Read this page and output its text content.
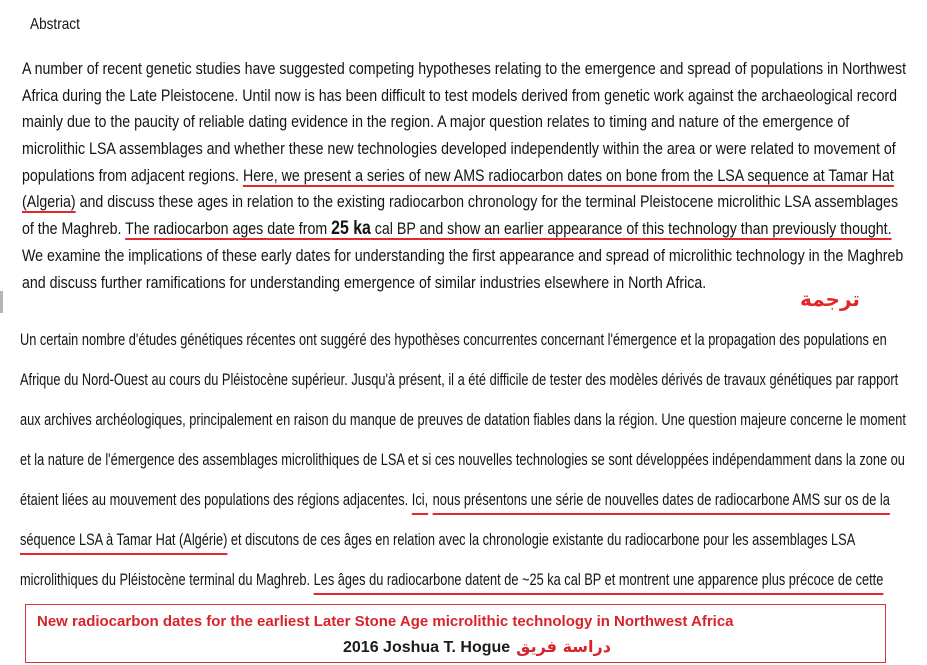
Abstract
A number of recent genetic studies have suggested competing hypotheses relating to the emergence and spread of populations in Northwest
Africa during the Late Pleistocene. Until now is has been difficult to test models derived from genetic work against the archaeological record
mainly due to the paucity of reliable dating evidence in the region. A major question relates to timing and nature of the emergence of
microlithic LSA assemblages and whether these new technologies developed independently within the area or were related to movement of
populations from adjacent regions. Here, we present a series of new AMS radiocarbon dates on bone from the LSA sequence at Tamar Hat
(Algeria) and discuss these ages in relation to the existing radiocarbon chronology for the terminal Pleistocene microlithic LSA assemblages
of the Maghreb. The radiocarbon ages date from 25 ka cal BP and show an earlier appearance of this technology than previously thought.
We examine the implications of these early dates for understanding the first appearance and spread of microlithic technology in the Maghreb
and discuss further ramifications for understanding emergence of similar industries elsewhere in North Africa.
ترجمة
Un certain nombre d'études génétiques récentes ont suggéré des hypothèses concurrentes concernant l'émergence et la propagation des populations en
Afrique du Nord-Ouest au cours du Pléistocène supérieur. Jusqu'à présent, il a été difficile de tester des modèles dérivés de travaux génétiques par rapport
aux archives archéologiques, principalement en raison du manque de preuves de datation fiables dans la région. Une question majeure concerne le moment
et la nature de l'émergence des assemblages microlithiques de LSA et si ces nouvelles technologies se sont développées indépendamment dans la zone ou
étaient liées au mouvement des populations des régions adjacentes. Ici, nous présentons une série de nouvelles dates de radiocarbone AMS sur os de la
séquence LSA à Tamar Hat (Algérie) et discutons de ces âges en relation avec la chronologie existante du radiocarbone pour les assemblages LSA
microlithiques du Pléistocène terminal du Maghreb. Les âges du radiocarbone datent de ~25 ka cal BP et montrent une apparence plus précoce de cette
New radiocarbon dates for the earliest Later Stone Age microlithic technology in Northwest Africa
2016 Joshua T. Hogue دراسة فريق
